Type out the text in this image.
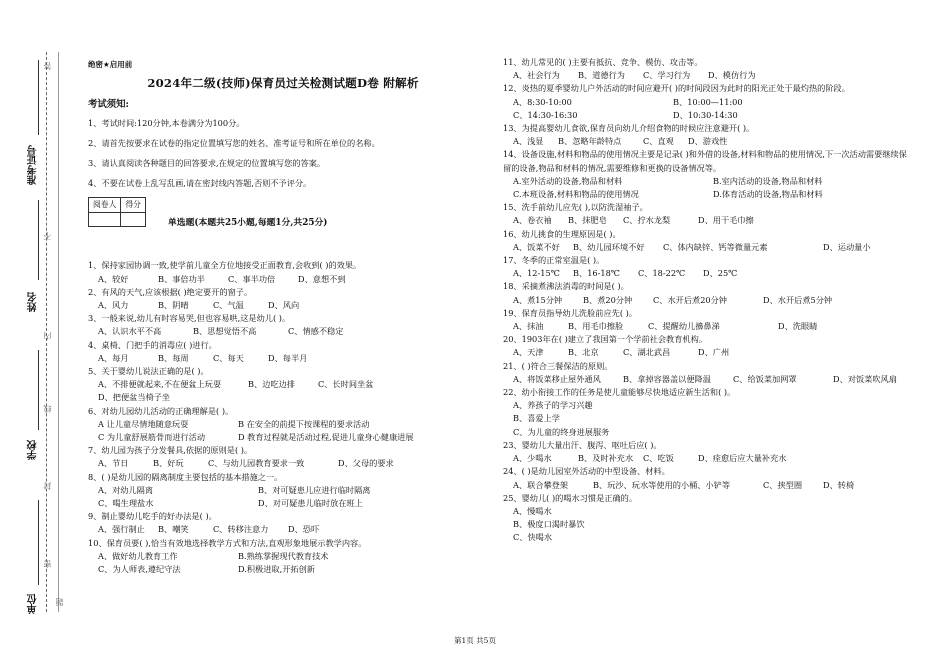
准考证号
姓名
学校
单位
密
封
线
内
不
答
题
绝密★启用前
2024年二级(技师)保育员过关检测试题D卷 附解析
考试须知:

1、考试时间:120分钟,本卷满分为100分。

2、请首先按要求在试卷的指定位置填写您的姓名、准考证号和所在单位的名称。

3、请认真阅读各种题目的回答要求,在规定的位置填写您的答案。

4、不要在试卷上乱写乱画,请在密封线内答题,否则不予评分。

阅卷人	得分

单选题(本题共25小题,每题1分,共25分)
1、保持家园协调一致,使学前儿童全方位地接受正面教育,会收到( )的效果。
A、较好	B、事倍功半	C、事半功倍	D、意想不到
2、有风的天气,应该根据( )绝定要开的窗子。
A、风力	B、阴晴	C、气温	D、风向
3、一般来说,幼儿有时容易哭,但也容易哄,这是幼儿( )。
A、认识水平不高	B、思想觉悟不高	C、情感不稳定
4、桌椅、门把手的消毒应( )进行。
A、每月	B、每周	C、每天	D、每半月
5、关于婴幼儿说法正确的是( )。
A、不排便就起来,不在便盆上玩耍	B、边吃边排	C、长时间坐盆D、把便盆当椅子坐
6、对幼儿园幼儿活动的正确理解是( )。
A 让儿童尽情地随意玩耍	B 在安全的前提下按课程的要求活动
C 为儿童舒展筋骨而进行活动	D 教育过程就是活动过程,促进儿童身心健康进展
7、幼儿园为孩子分发餐具,依据的原则是( )。
A、节日	B、好玩	C、与幼儿园教育要求一致	D、父母的要求
8、( )是幼儿园的隔离制度主要包括的基本措施之一。
A、对幼儿隔离	B、对可疑患儿应进行临时隔离
C、喝生理盐水	D、对可疑患儿临时放在班上
9、制止婴幼儿吃手的好办法是( )。
A、强行制止 B、嘲笑	C、转移注意力 D、恐吓
10、保育员要( ),恰当有效地选择教学方式和方法,直观形象地展示教学内容。
A、做好幼儿教育工作	B.熟练掌握现代教育技术
C、为人师表,遵纪守法	D.积极进取,开拓创新
11、幼儿常见的( )主要有抵抗、竞争、模仿、攻击等。
A、社会行为 B、道德行为 C、学习行为 D、模仿行为
12、炎热的夏季婴幼儿户外活动的时间应避开( )的时间段因为此时的阳光正处于最灼热的阶段。
A、8:30-10:00	B、10:00—11:00
C、14:30-16:30	D、10:30-14:30
13、为提高婴幼儿食欲,保育员向幼儿介绍食物的时候应注意避开( )。
A、浅显 B、忽略年龄特点	C、直观 D、游戏性
14、设备设施,材料和物品的使用情况主要是记录( )和外借的设备,材料和物品的使用情况,下一次活动需要继续保留的设备,物品和材料的情况,需要维修和更换的设备情况等。
A.室外活动的设备,物品和材料	B.室内活动的设备,物品和材料
C.本班设备,材料和物品的使用情况	D.体育活动的设备,物品和材料
15、洗手前幼儿应先( ),以防洗湿袖子。
A、卷衣袖 B、抹肥皂 C、拧水龙梨	D、用干毛巾擦
16、幼儿挑食的生理原因是( )。
A、饭菜不好 B、幼儿园环境不好 C、体内缺锌、钙等微量元素	D、运动量小
17、冬季的正常室温是( )。
A、12-15℃ B、16-18℃ C、18-22℃ D、25℃
18、采摘煮沸法消毒的时间是( )。
A、煮15分钟	B、煮20分钟	C、水开后煮20分钟	D、水开后煮5分钟
19、保育员指导幼儿洗脸前应先( )。
A、抹油	B、用毛巾擦脸	C、提醒幼儿擤鼻涕	D、洗眼睛
20、1903年在( )建立了我国第一个学前社会教育机构。
A、天津	B、北京	C、湖北武昌	D、广州
21、( )符合三餐保洁的原则。
A、将饭菜移止屋外通风	B、拿掉容器盖以便降温	C、给饭菜加网罩	D、对饭菜吹风扇
22、幼小衔接工作的任务是使儿童能够尽快地适应新生活和( )。
A、养孩子的学习兴趣
B、喜爱上学
C、为儿童的终身进展服务
23、婴幼儿大量出汗、腹泻、呕吐后应( )。
A、少喝水	B、及时补充水 C、吃饭	D、痊愈后应大量补充水
24、( )是幼儿园室外活动的中型设备、材料。
A、联合攀登架	B、玩沙、玩水等使用的小桶、小铲等	C、挟型圈	D、转椅
25、婴幼儿( )的喝水习惯是正确的。
A、慢喝水
B、极度口渴时暴饮
C、快喝水
第1页 共5页
